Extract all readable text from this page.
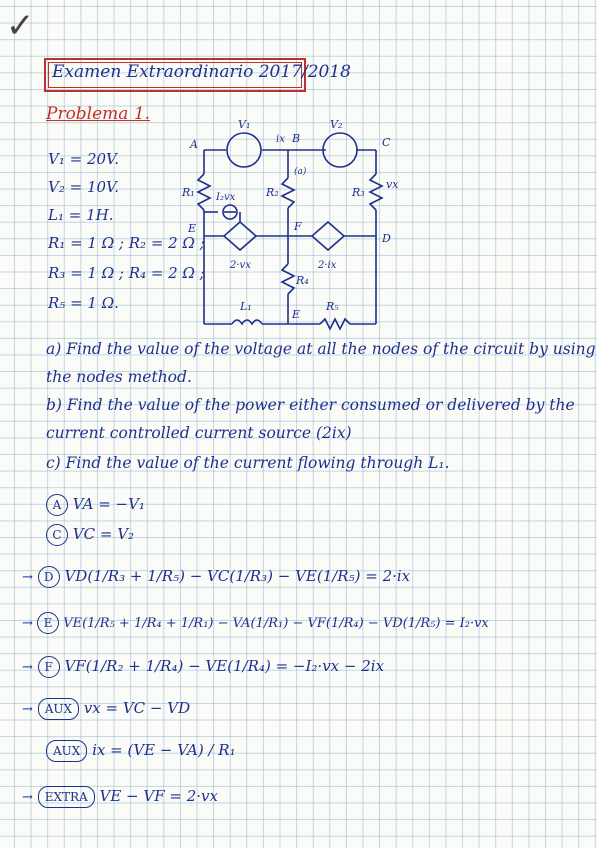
✓
Examen Extraordinario 2017/2018
Problema 1.
V₁ = 20V.
V₂ = 10V.
L₁ = 1H.
R₁ = 1 Ω ; R₂ = 2 Ω ;
R₃ = 1 Ω ; R₄ = 2 Ω ;
R₅ = 1 Ω.
A	B	C
D
E	F
E
V₁	V₂
R₁	R₂	R₃
R₄
R₅
L₁
ix
vx
I₂vx
2·vx	2·ix
(a)
a) Find the value of the voltage at all the nodes of the circuit by using
the nodes method.
b) Find the value of the power either consumed or delivered by the
current controlled current source (2ix)
c) Find the value of the current flowing through L₁.
A VA = −V₁
C VC = V₂
→ D VD(1/R₃ + 1/R₅) − VC(1/R₃) − VE(1/R₅) = 2·ix
→ E VE(1/R₅ + 1/R₄ + 1/R₁) − VA(1/R₁) − VF(1/R₄) − VD(1/R₅) = I₂·vx
→ F VF(1/R₂ + 1/R₄) − VE(1/R₄) = −I₂·vx − 2ix
→ AUX vx = VC − VD
AUX ix = (VE − VA) / R₁
→ EXTRA VE − VF = 2·vx
